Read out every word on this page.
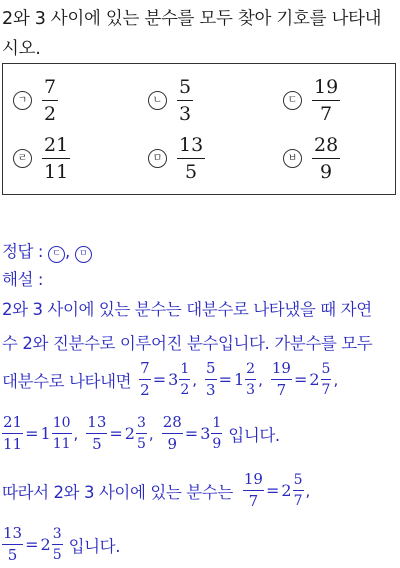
2와 3 사이에 있는 분수를 모두 찾아 기호를 나타내
시오.
ㄱ $\frac{7}{2}$	ㄴ $\frac{5}{3}$	ㄷ $\frac{19}{7}$
ㄹ $\frac{21}{11}$	ㅁ $\frac{13}{5}$	ㅂ $\frac{28}{9}$
정답 : ㄷ , ㅁ
해설 :
2와 3 사이에 있는 분수는 대분수로 나타냈을 때 자연
수 2와 진분수로 이루어진 분수입니다. 가분수를 모두
대분수로 나타내면 $\frac{7}{2} = 3 \frac{1}{2}$ , $\frac{5}{3} = 1 \frac{2}{3}$ , $\frac{19}{7} = 2 \frac{5}{7}$ ,
$\frac{21}{11} = 1 \frac{10}{11}$ , $\frac{13}{5} = 2 \frac{3}{5}$ , $\frac{28}{9} = 3 \frac{1}{9}$ 입니다.
따라서 2와 3 사이에 있는 분수는 $\frac{19}{7} = 2 \frac{5}{7}$ ,
$\frac{13}{5} = 2 \frac{3}{5}$ 입니다.
